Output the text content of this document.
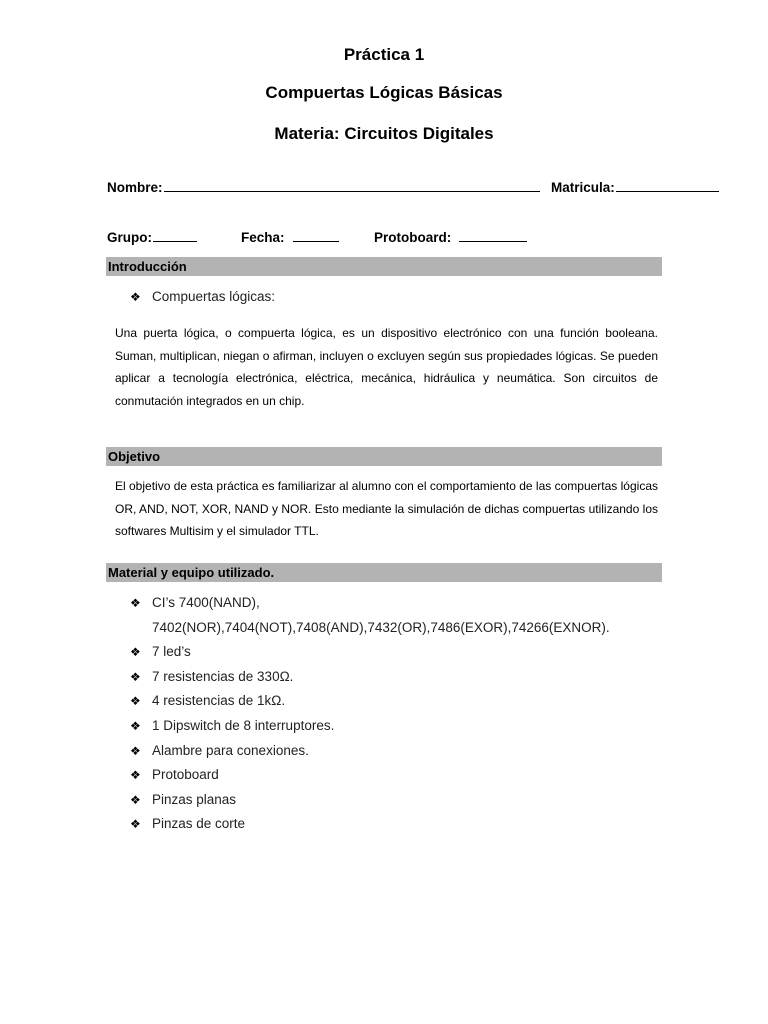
Práctica 1
Compuertas Lógicas Básicas
Materia: Circuitos Digitales
Nombre:	Matricula:
Grupo:	Fecha:	Protoboard:
Introducción
❖ Compuertas lógicas:
Una puerta lógica, o compuerta lógica, es un dispositivo electrónico con una función booleana. Suman, multiplican, niegan o afirman, incluyen o excluyen según sus propiedades lógicas. Se pueden aplicar a tecnología electrónica, eléctrica, mecánica, hidráulica y neumática. Son circuitos de conmutación integrados en un chip.
Objetivo
El objetivo de esta práctica es familiarizar al alumno con el comportamiento de las compuertas lógicas OR, AND, NOT, XOR, NAND y NOR. Esto mediante la simulación de dichas compuertas utilizando los softwares Multisim y el simulador TTL.
Material y equipo utilizado.
❖ CI’s 7400(NAND),
7402(NOR),7404(NOT),7408(AND),7432(OR),7486(EXOR),74266(EXNOR).
❖ 7 led’s
❖ 7 resistencias de 330Ω.
❖ 4 resistencias de 1kΩ.
❖ 1 Dipswitch de 8 interruptores.
❖ Alambre para conexiones.
❖ Protoboard
❖ Pinzas planas
❖ Pinzas de corte
